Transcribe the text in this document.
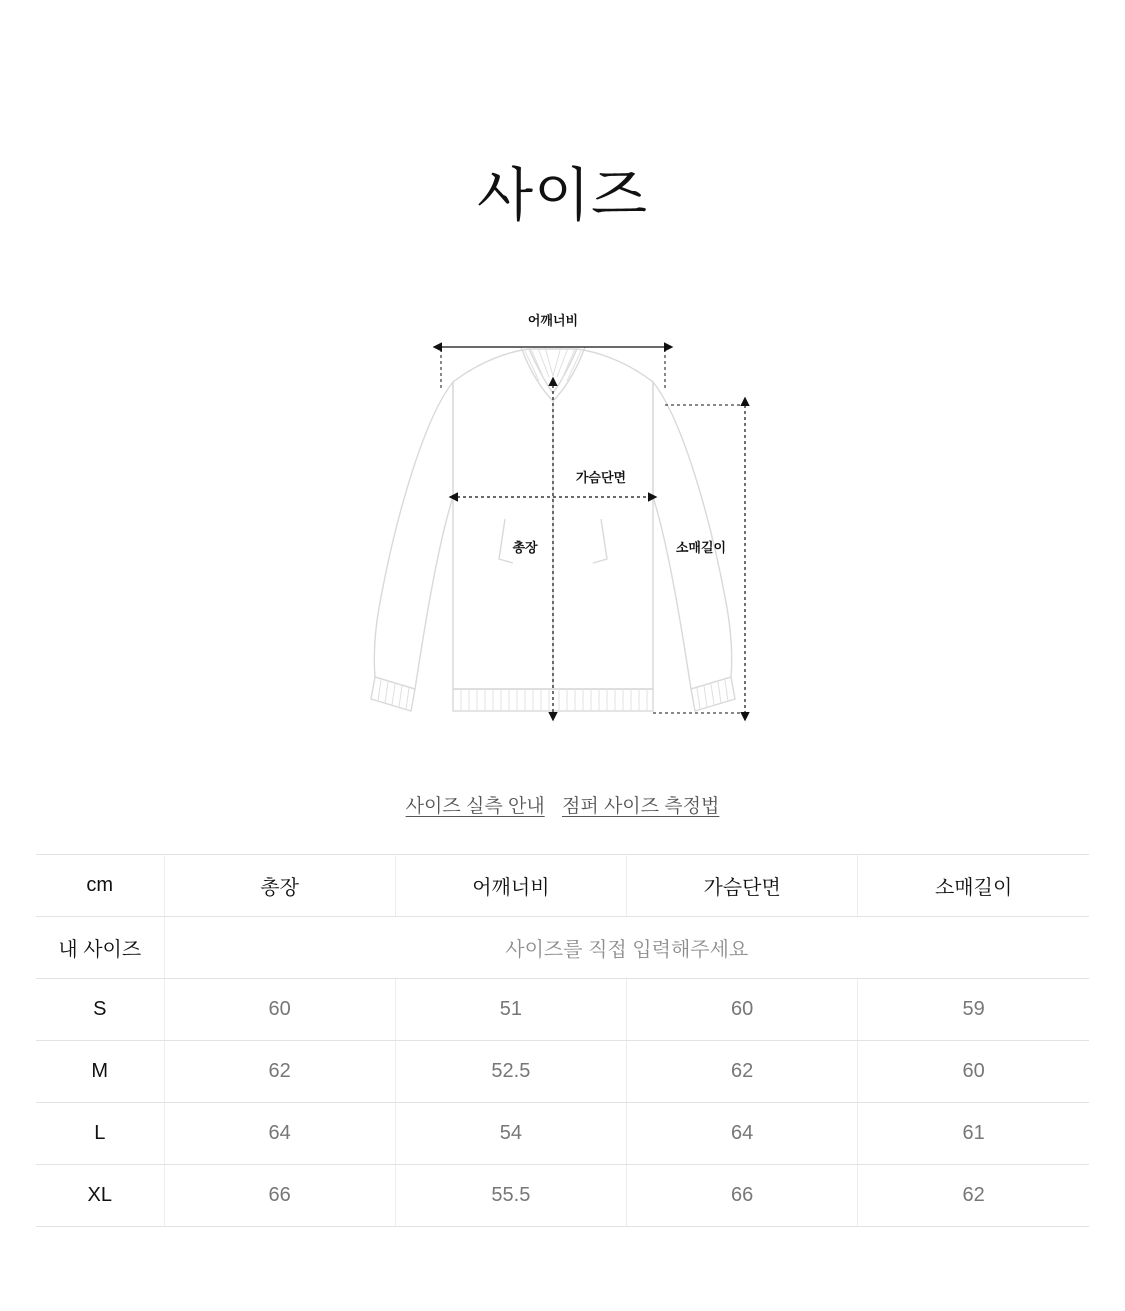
사이즈
어깨너비
가슴단면
총장	소매길이
사이즈 실측 안내 점퍼 사이즈 측정법
cm	총장	어깨너비	가슴단면	소매길이
내 사이즈	사이즈를 직접 입력해주세요			
S	60	51	60	59
M	62	52.5	62	60
L	64	54	64	61
XL	66	55.5	66	62
